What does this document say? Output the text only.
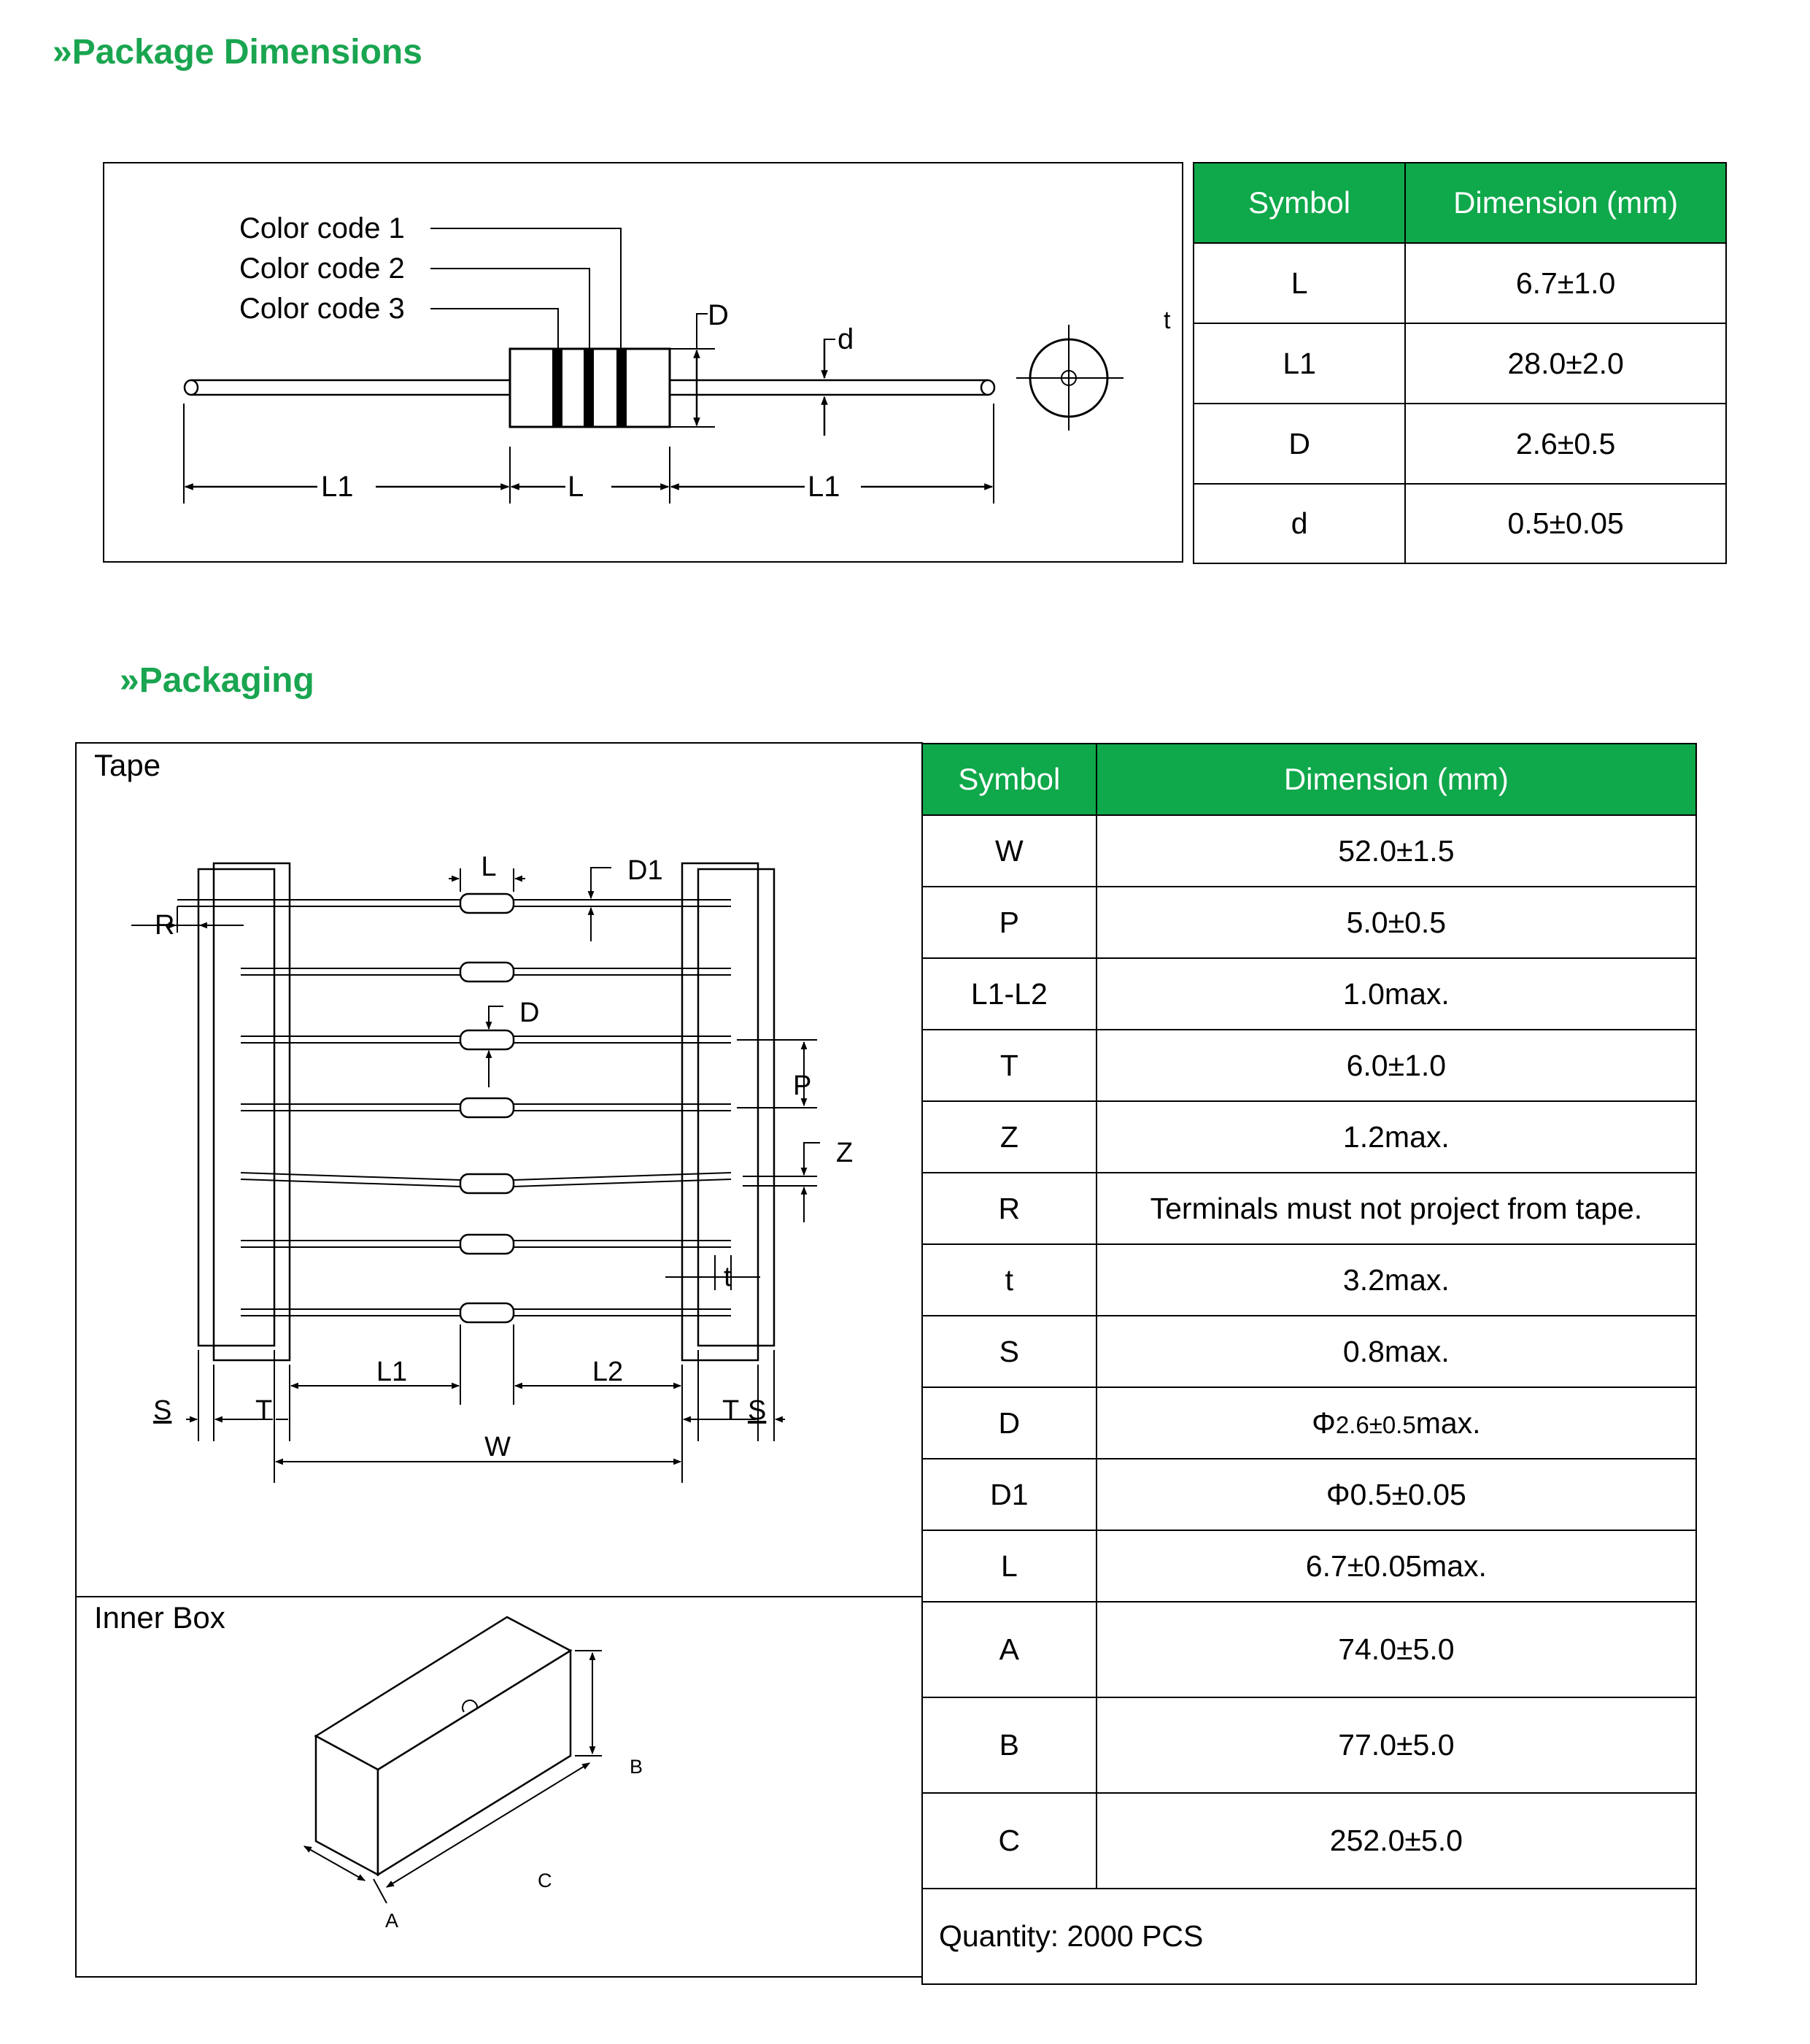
»Package Dimensions
Color code 1
Color code 2
Color code 3	D
d
L1	L	L1
t
Symbol	Dimension (mm)
L	6.7±1.0
L1	28.0±2.0
D	2.6±0.5
d	0.5±0.05
»Packaging
Tape
Inner Box
L	D1
R
D
P
Z
t
L1	L2
S	T	T S
W
B
C
A
Symbol	Dimension (mm)
W	52.0±1.5
P	5.0±0.5
L1-L2	1.0max.
T	6.0±1.0
Z	1.2max.
R	Terminals must not project from tape.
t	3.2max.
S	0.8max.
D	Φ2.6±0.5max.
D1	Φ0.5±0.05
L	6.7±0.05max.
A	74.0±5.0
B	77.0±5.0
C	252.0±5.0
Quantity: 2000 PCS	
